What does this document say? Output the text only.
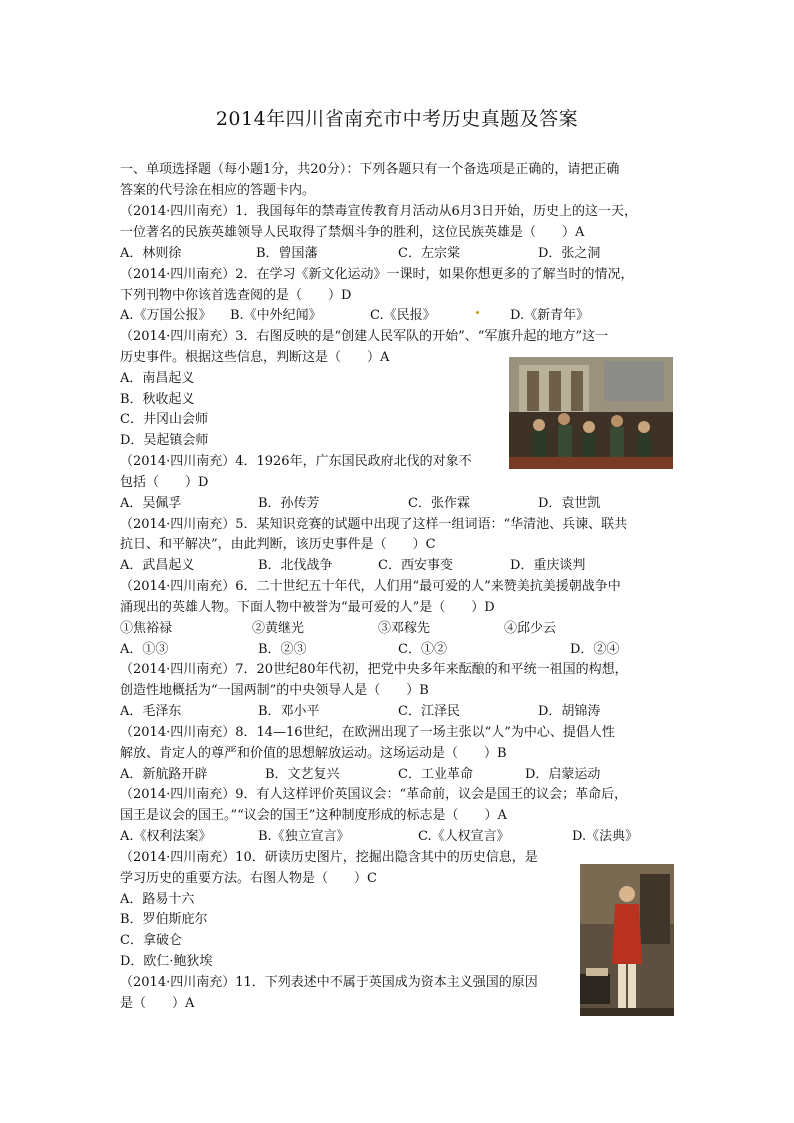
2014年四川省南充市中考历史真题及答案
一、单项选择题（每小题1分，共20分）：下列各题只有一个备选项是正确的，请把正确
答案的代号涂在相应的答题卡内。
（2014·四川南充）1．我国每年的禁毒宣传教育月活动从6月3日开始，历史上的这一天，
一位著名的民族英雄领导人民取得了禁烟斗争的胜利，这位民族英雄是（　　）A
A．林则徐	B．曾国藩	C．左宗棠	D．张之洞
（2014·四川南充）2．在学习《新文化运动》一课时，如果你想更多的了解当时的情况，
下列刊物中你该首选查阅的是（　　）D
A.《万国公报》 B.《中外纪闻》	C.《民报》	D.《新青年》
（2014·四川南充）3．右图反映的是“创建人民军队的开始”、“军旗升起的地方”这一
历史事件。根据这些信息，判断这是（　　）A
A．南昌起义
B．秋收起义
C．井冈山会师
D．吴起镇会师
（2014·四川南充）4．1926年，广东国民政府北伐的对象不
包括（　　）D
A．吴佩孚	B．孙传芳	C．张作霖	D．袁世凯
（2014·四川南充）5．某知识竞赛的试题中出现了这样一组词语：“华清池、兵谏、联共
抗日、和平解决”，由此判断，该历史事件是（　　）C
A．武昌起义	B．北伐战争	C．西安事变	D．重庆谈判
（2014·四川南充）6．二十世纪五十年代，人们用“最可爱的人”来赞美抗美援朝战争中
涌现出的英雄人物。下面人物中被誉为“最可爱的人”是（　　）D
①焦裕禄	②黄继光	③邓稼先	④邱少云
A．①③	B．②③	C．①②	D．②④
（2014·四川南充）7．20世纪80年代初，把党中央多年来酝酿的和平统一祖国的构想，
创造性地概括为“一国两制”的中央领导人是（　　）B
A．毛泽东	B．邓小平	C．江泽民	D．胡锦涛
（2014·四川南充）8．14—16世纪，在欧洲出现了一场主张以“人”为中心、提倡人性
解放、肯定人的尊严和价值的思想解放运动。这场运动是（　　）B
A．新航路开辟	B．文艺复兴	C．工业革命	D．启蒙运动
（2014·四川南充）9．有人这样评价英国议会：“革命前，议会是国王的议会；革命后，
国王是议会的国王。”“议会的国王”这种制度形成的标志是（　　）A
A.《权利法案》	B.《独立宣言》	C.《人权宣言》	D.《法典》
（2014·四川南充）10．研读历史图片，挖掘出隐含其中的历史信息，是
学习历史的重要方法。右图人物是（　　）C
A．路易十六
B．罗伯斯庇尔
C．拿破仑
D．欧仁·鲍狄埃
（2014·四川南充）11．下列表述中不属于英国成为资本主义强国的原因
是（　　）A
